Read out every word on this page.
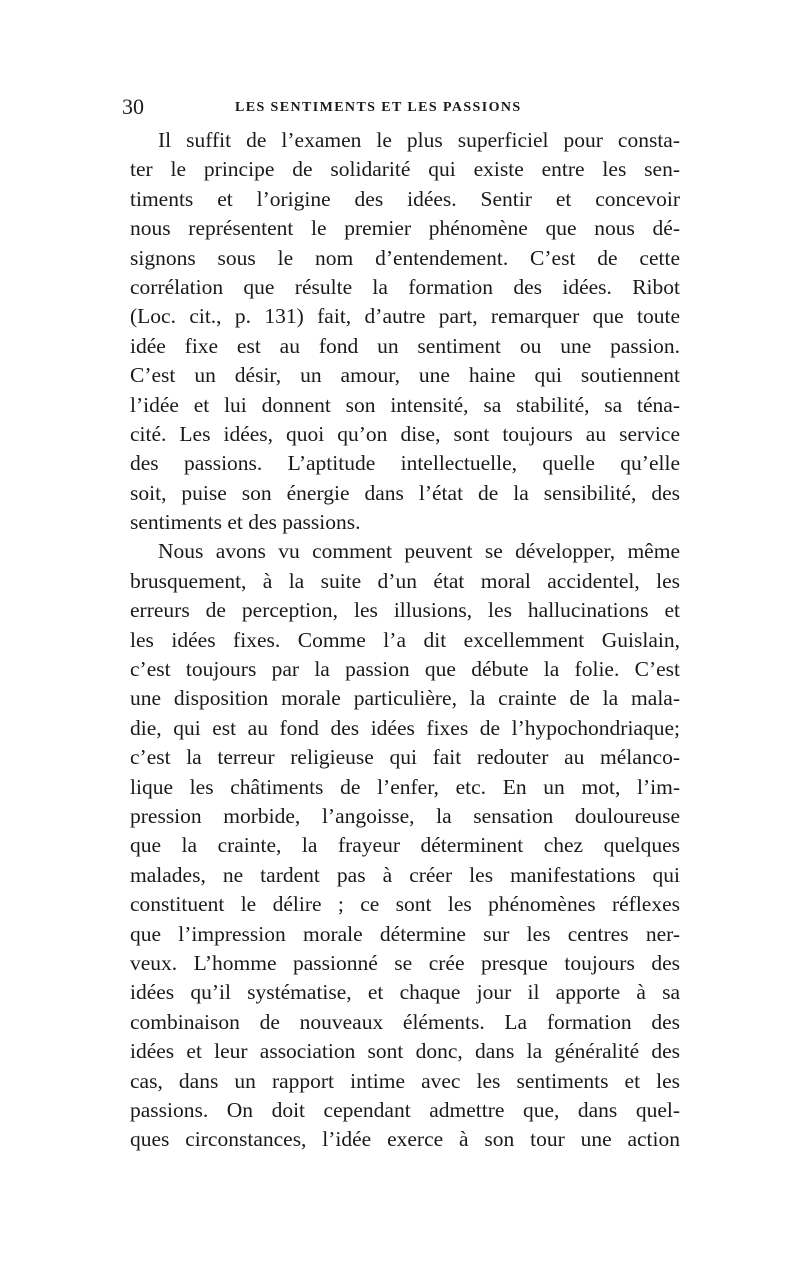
30	LES SENTIMENTS ET LES PASSIONS
Il suffit de l’examen le plus superficiel pour consta-
ter le principe de solidarité qui existe entre les sen-
timents et l’origine des idées. Sentir et concevoir
nous représentent le premier phénomène que nous dé-
signons sous le nom d’entendement. C’est de cette
corrélation que résulte la formation des idées. Ribot
(Loc. cit., p. 131) fait, d’autre part, remarquer que toute
idée fixe est au fond un sentiment ou une passion.
C’est un désir, un amour, une haine qui soutiennent
l’idée et lui donnent son intensité, sa stabilité, sa téna-
cité. Les idées, quoi qu’on dise, sont toujours au service
des passions. L’aptitude intellectuelle, quelle qu’elle
soit, puise son énergie dans l’état de la sensibilité, des
sentiments et des passions.
Nous avons vu comment peuvent se développer, même
brusquement, à la suite d’un état moral accidentel, les
erreurs de perception, les illusions, les hallucinations et
les idées fixes. Comme l’a dit excellemment Guislain,
c’est toujours par la passion que débute la folie. C’est
une disposition morale particulière, la crainte de la mala-
die, qui est au fond des idées fixes de l’hypochondriaque;
c’est la terreur religieuse qui fait redouter au mélanco-
lique les châtiments de l’enfer, etc. En un mot, l’im-
pression morbide, l’angoisse, la sensation douloureuse
que la crainte, la frayeur déterminent chez quelques
malades, ne tardent pas à créer les manifestations qui
constituent le délire ; ce sont les phénomènes réflexes
que l’impression morale détermine sur les centres ner-
veux. L’homme passionné se crée presque toujours des
idées qu’il systématise, et chaque jour il apporte à sa
combinaison de nouveaux éléments. La formation des
idées et leur association sont donc, dans la généralité des
cas, dans un rapport intime avec les sentiments et les
passions. On doit cependant admettre que, dans quel-
ques circonstances, l’idée exerce à son tour une action
